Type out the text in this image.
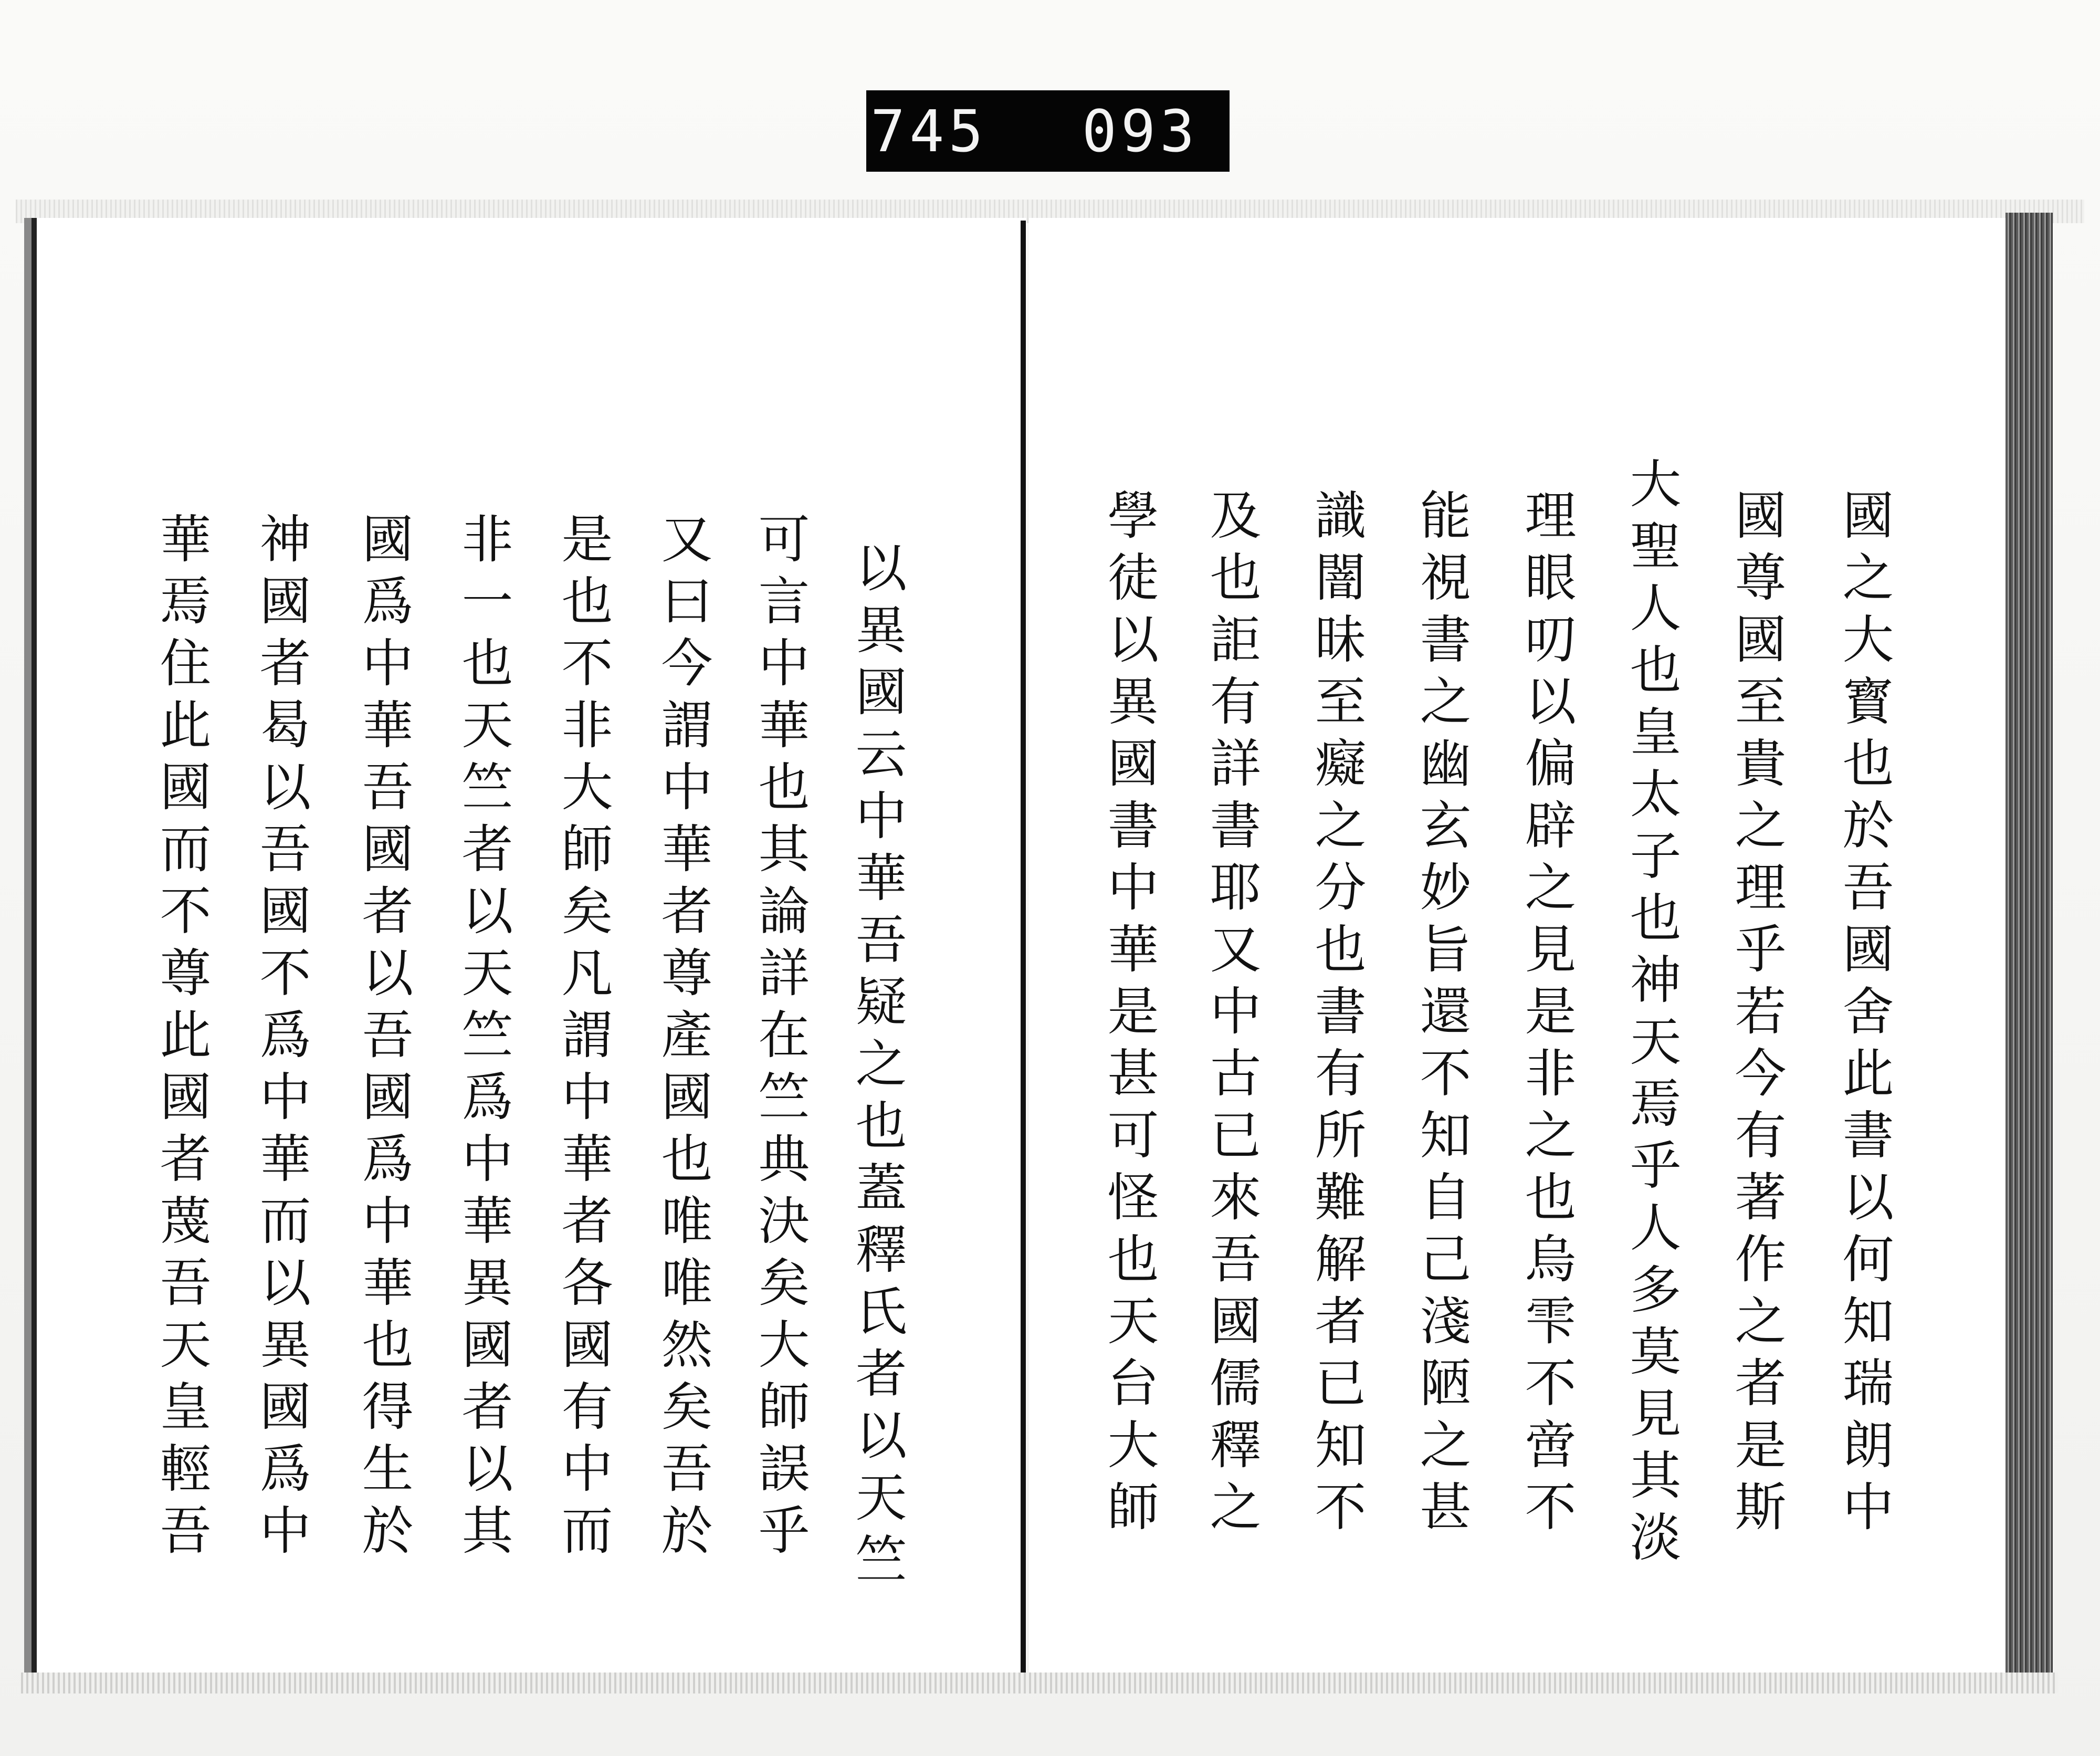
745 093
國之大寳也於吾國舍此書以何知瑞朗中
國尊國至貴之理乎若今有著作之者是斯
大聖人也皇太子也神天焉乎人多莫見其淡
理眼叨以偏辟之見是非之也烏雫不啻不
能視書之幽玄妙旨還不知自己淺陋之甚
識闇昧至癡之分也書有所難解者已知不
及也詎有詳書耶又中古已來吾國儒釋之
學徒以異國書中華是甚可怪也天台大師
以異國云中華吾疑之也蓋釋氏者以天竺
可言中華也其論詳在竺典決矣大師誤乎
又曰今謂中華者尊產國也唯唯然矣吾於
是也不非大師矣凡謂中華者各國有中而
非一也天竺者以天竺爲中華異國者以其
國爲中華吾國者以吾國爲中華也得生於
神國者曷以吾國不爲中華而以異國爲中
華焉住此國而不尊此國者蔑吾天皇輕吾
